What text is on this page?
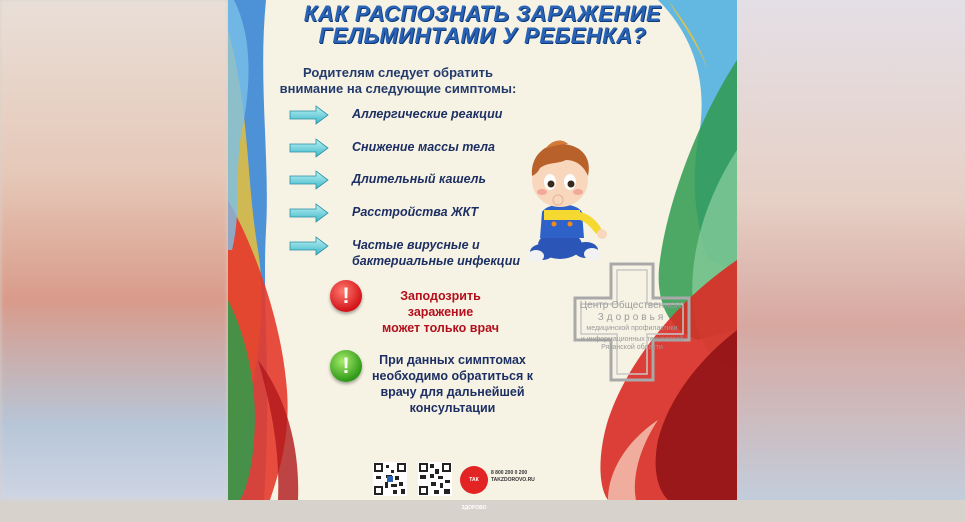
КАК РАСПОЗНАТЬ ЗАРАЖЕНИЕ
ГЕЛЬМИНТАМИ У РЕБЕНКА?
Родителям следует обратить
внимание на следующие симптомы:
Аллергические реакции
Снижение массы тела
Длительный кашель
Расстройства ЖКТ
Частые вирусные и
бактериальные инфекции
!	Заподозрить заражение
может только врач
!	При данных симптомах
необходимо обратиться к
врачу для дальнейшей
консультации
Центр Общественного
Здоровья
медицинской профилактики
и информационных технологий
Рязанской области
ТАК ЗДОРОВО
8 800 200 0 200
TAKZDOROVO.RU
